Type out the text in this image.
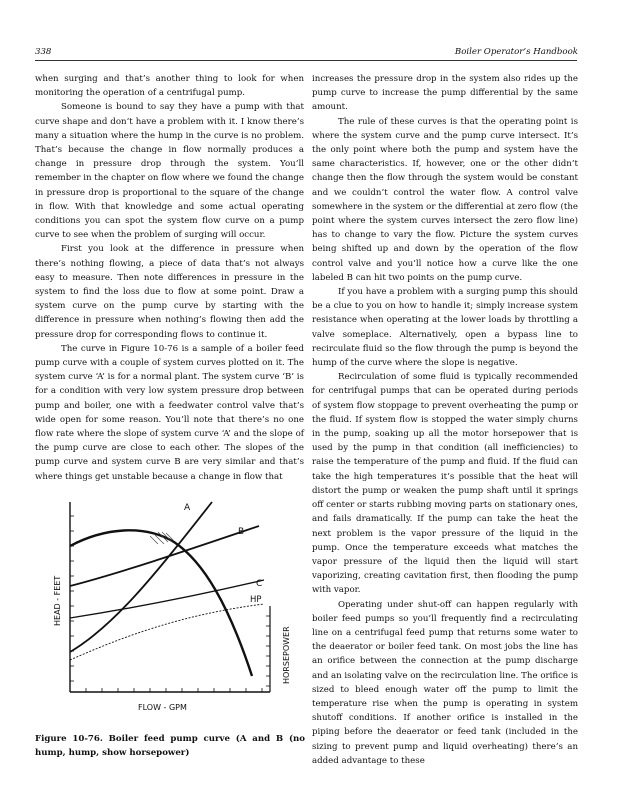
338	Boiler Operator’s Handbook

when surging and that’s another thing to look for when monitoring the operation of a centrifugal pump.

Someone is bound to say they have a pump with that curve shape and don’t have a problem with it. I know there’s many a situation where the hump in the curve is no problem. That’s because the change in flow normally produces a change in pressure drop through the system. You’ll remember in the chapter on flow where we found the change in pressure drop is proportional to the square of the change in flow. With that knowledge and some actual operating conditions you can spot the system flow curve on a pump curve to see when the problem of surging will occur.

First you look at the difference in pressure when there’s nothing flowing, a piece of data that’s not always easy to measure. Then note differences in pressure in the system to find the loss due to flow at some point. Draw a system curve on the pump curve by starting with the difference in pressure when nothing’s flowing then add the pressure drop for corresponding flows to continue it.

The curve in Figure 10-76 is a sample of a boiler feed pump curve with a couple of system curves plotted on it. The system curve ‘A’ is for a normal plant. The system curve ‘B’ is for a condition with very low system pressure drop between pump and boiler, one with a feedwater control valve that’s wide open for some reason. You’ll note that there’s no one flow rate where the slope of system curve ‘A’ and the slope of the pump curve are close to each other. The slopes of the pump curve and system curve B are very similar and that’s where things get unstable because a change in flow that

increases the pressure drop in the system also rides up the pump curve to increase the pump differential by the same amount.

The rule of these curves is that the operating point is where the system curve and the pump curve intersect. It’s the only point where both the pump and system have the same characteristics. If, however, one or the other didn’t change then the flow through the system would be constant and we couldn’t control the water flow. A control valve somewhere in the system or the differential at zero flow (the point where the system curves intersect the zero flow line) has to change to vary the flow. Picture the system curves being shifted up and down by the operation of the flow control valve and you’ll notice how a curve like the one labeled B can hit two points on the pump curve.

If you have a problem with a surging pump this should be a clue to you on how to handle it; simply increase system resistance when operating at the lower loads by throttling a valve someplace. Alternatively, open a bypass line to recirculate fluid so the flow through the pump is beyond the hump of the curve where the slope is negative.

Recirculation of some fluid is typically recommended for centrifugal pumps that can be operated during periods of system flow stoppage to prevent overheating the pump or the fluid. If system flow is stopped the water simply churns in the pump, soaking up all the motor horsepower that is used by the pump in that condition (all inefficiencies) to raise the temperature of the pump and fluid. If the fluid can take the high temperatures it’s possible that the heat will distort the pump or weaken the pump shaft until it springs off center or starts rubbing moving parts on stationary ones, and fails dramatically. If the pump can take the heat the next problem is the vapor pressure of the liquid in the pump. Once the temperature exceeds what matches the vapor pressure of the liquid then the liquid will start vaporizing, creating cavitation first, then flooding the pump with vapor.

Operating under shut-off can happen regularly with boiler feed pumps so you’ll frequently find a recirculating line on a centrifugal feed pump that returns some water to the deaerator or boiler feed tank. On most jobs the line has an orifice between the connection at the pump discharge and an isolating valve on the recirculation line. The orifice is sized to bleed enough water off the pump to limit the temperature rise when the pump is operating in system shutoff conditions. If another orifice is installed in the piping before the deaerator or feed tank (included in the sizing to prevent pump and liquid overheating) there’s an added advantage to these

A
B
C
HP
HEAD - FEET
FLOW - GPM
HORSEPOWER
Figure 10-76. Boiler feed pump curve (A and B (no hump, hump, show horsepower)
